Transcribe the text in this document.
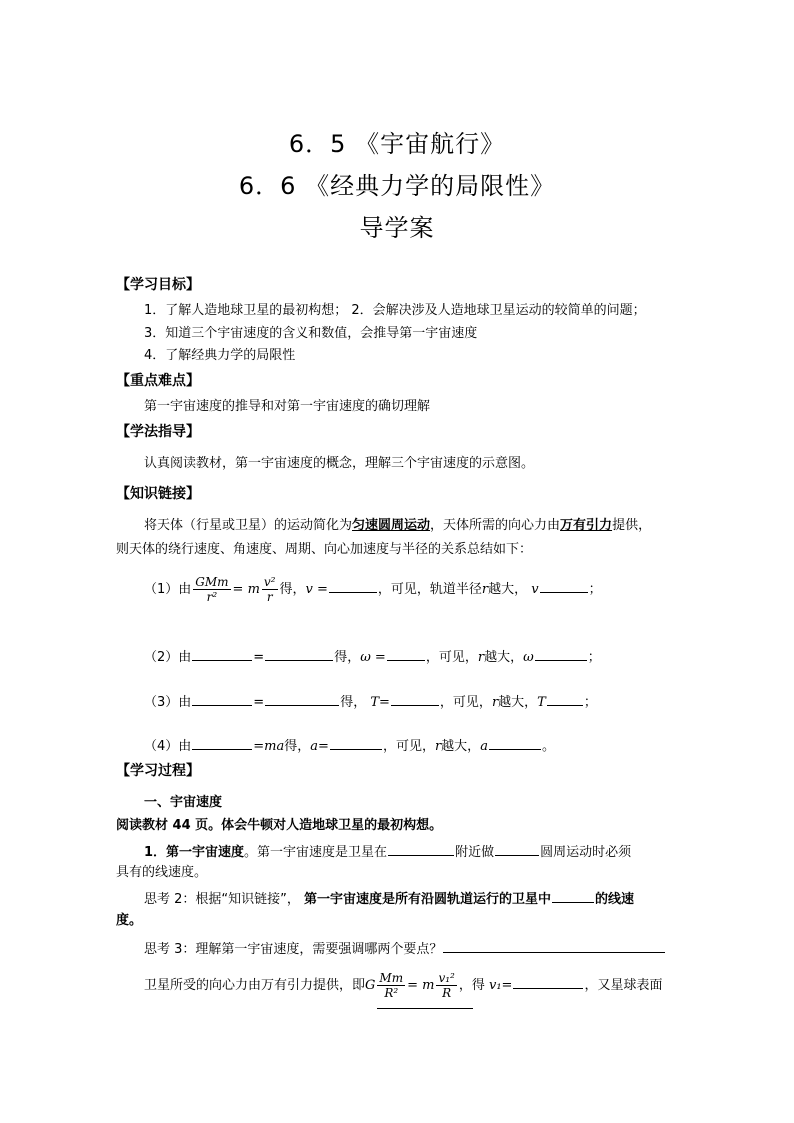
6．5 《宇宙航行》
6．6 《经典力学的局限性》
导学案
【学习目标】
1．了解人造地球卫星的最初构想； 2．会解决涉及人造地球卫星运动的较简单的问题；
3．知道三个宇宙速度的含义和数值，会推导第一宇宙速度
4．了解经典力学的局限性
【重点难点】
第一宇宙速度的推导和对第一宇宙速度的确切理解
【学法指导】
认真阅读教材，第一宇宙速度的概念，理解三个宇宙速度的示意图。
【知识链接】
将天体（行星或卫星）的运动简化为匀速圆周运动，天体所需的向心力由万有引力提供，
则天体的绕行速度、角速度、周期、向心加速度与半径的关系总结如下：
（1）由 $\frac{\text{GMm}}{\text{r²}} = m \frac{\text{v²}}{r}$ 得，v =	，可见，轨道半径r越大， v	；
（2）由	=	得，ω =	，可见，r越大，ω	；
（3）由	=	得， T=	，可见，r越大，T	；
（4）由	=ma得，a=	，可见，r越大，a	。
【学习过程】
一、宇宙速度
阅读教材 44 页。体会牛顿对人造地球卫星的最初构想。
1．第一宇宙速度。第一宇宙速度是卫星在	附近做	圆周运动时必须
具有的线速度。
思考 2：根据“知识链接”， 第一宇宙速度是所有沿圆轨道运行的卫星中	的线速
度。
思考 3：理解第一宇宙速度，需要强调哪两个要点？
卫星所受的向心力由万有引力提供，即G $\frac{Mm}{\text{R²}} = m \frac{\text{v₁²}}{R}$ ，得 v₁=	，又星球表面
